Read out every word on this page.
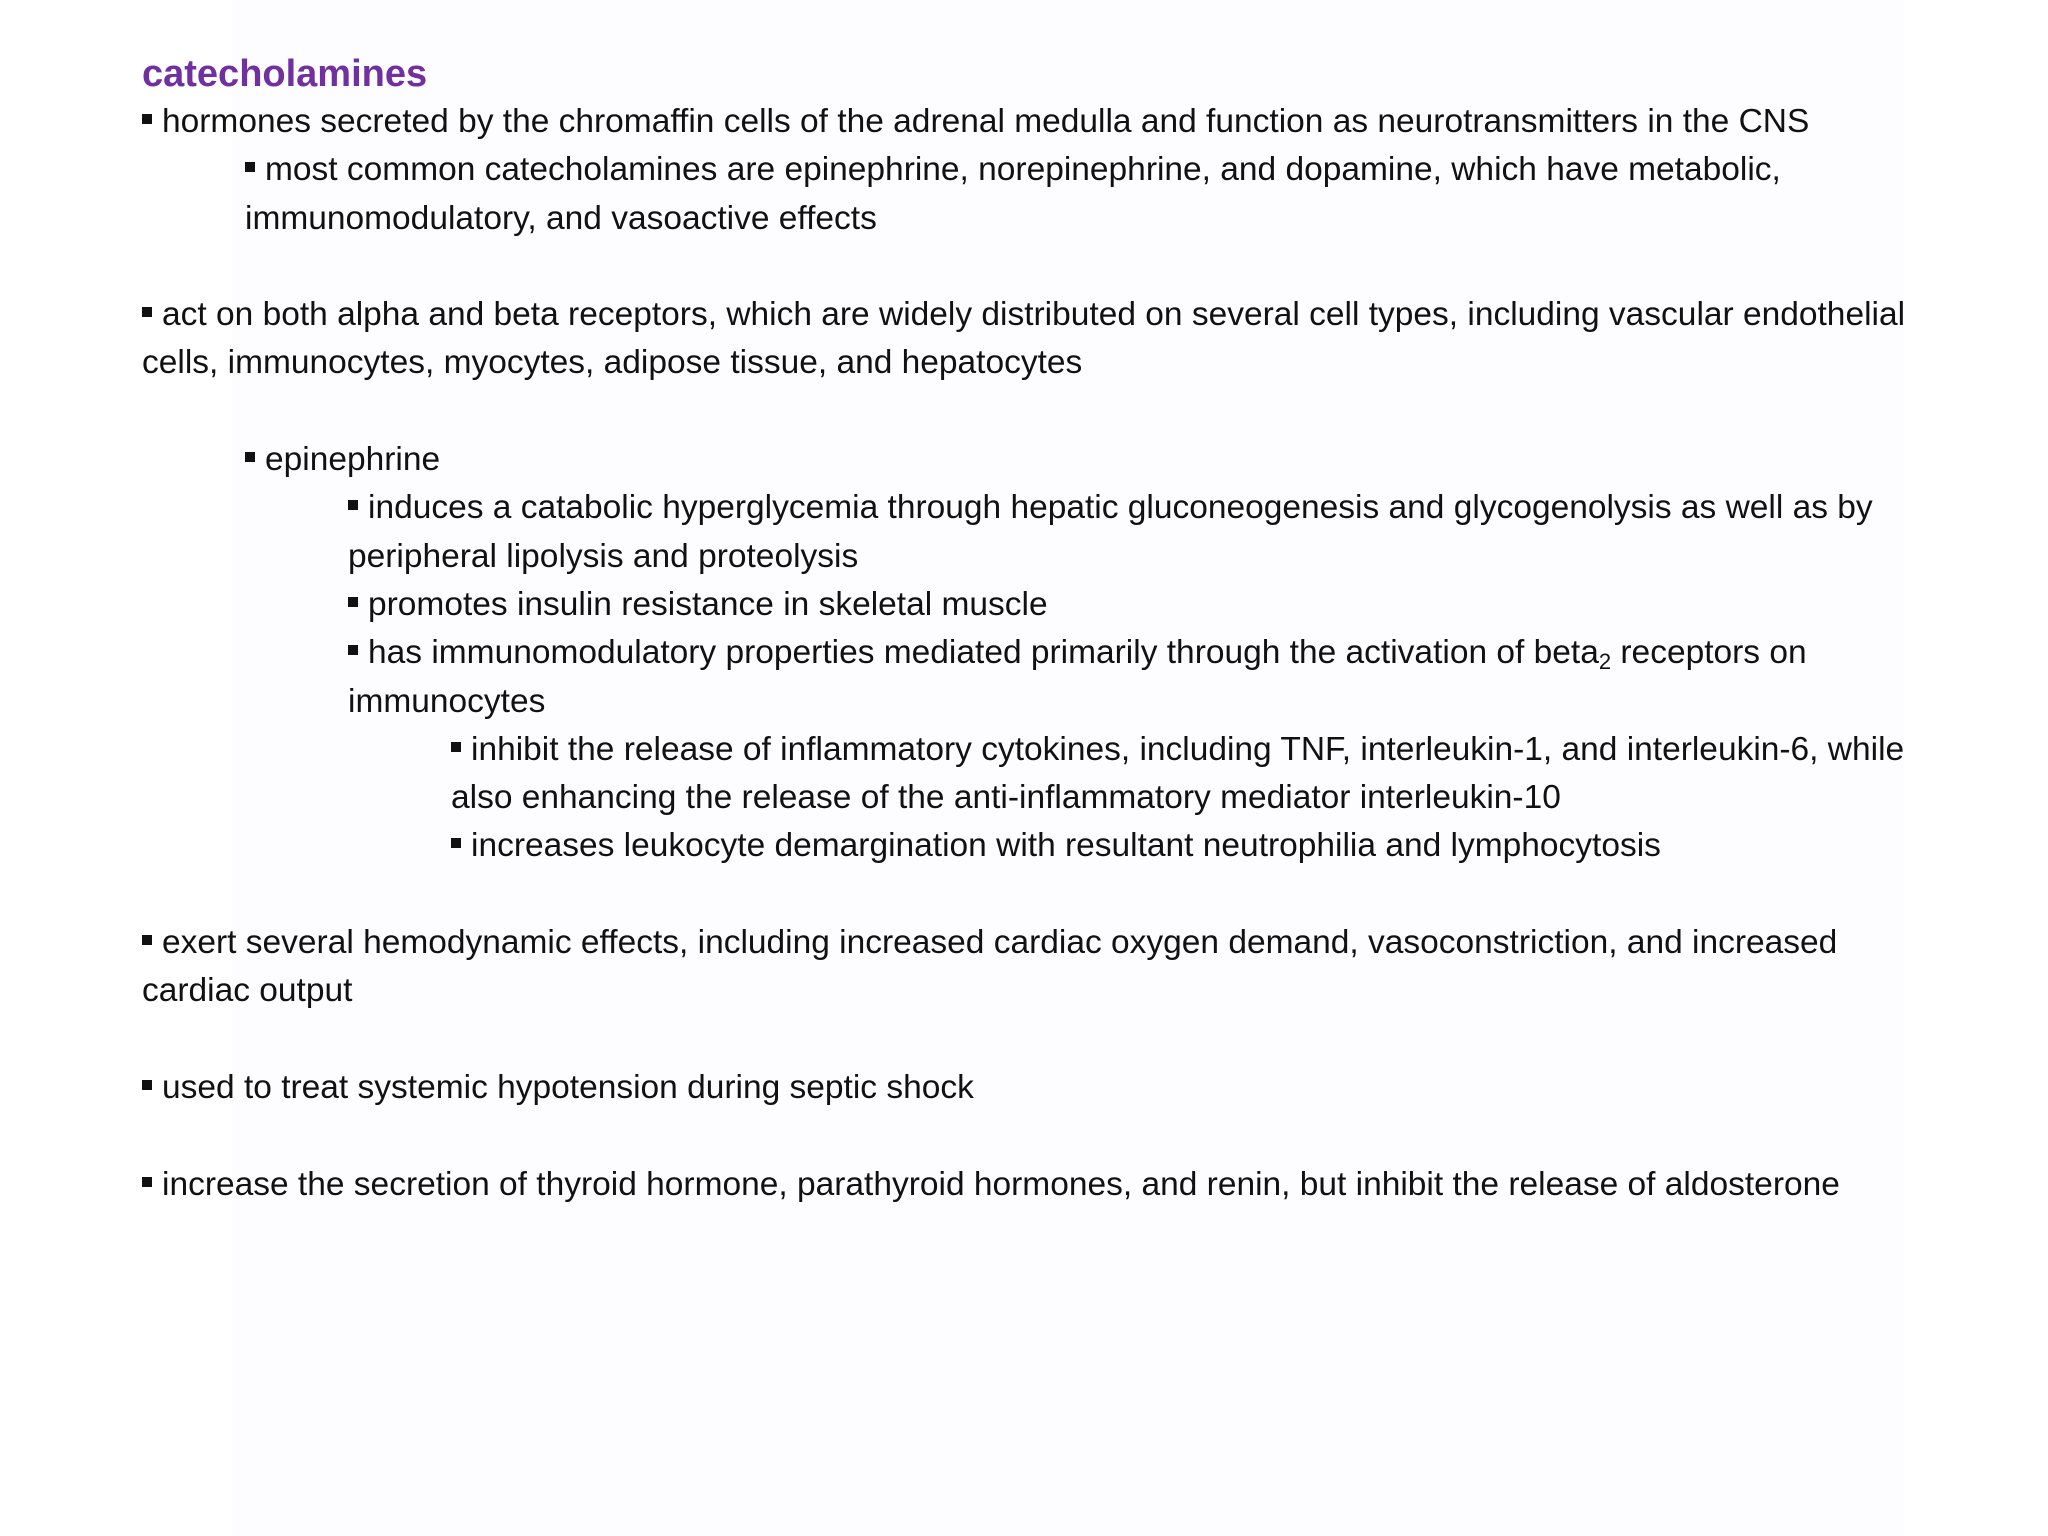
catecholamines
hormones secreted by the chromaffin cells of the adrenal medulla and function as neurotransmitters in the CNS
most common catecholamines are epinephrine, norepinephrine, and dopamine, which have metabolic, immunomodulatory, and vasoactive effects
act on both alpha and beta receptors, which are widely distributed on several cell types, including vascular endothelial cells, immunocytes, myocytes, adipose tissue, and hepatocytes
epinephrine
induces a catabolic hyperglycemia through hepatic gluconeogenesis and glycogenolysis as well as by peripheral lipolysis and proteolysis
promotes insulin resistance in skeletal muscle
has immunomodulatory properties mediated primarily through the activation of beta$_2$ receptors on immunocytes
inhibit the release of inflammatory cytokines, including TNF, interleukin-1, and interleukin-6, while also enhancing the release of the anti-inflammatory mediator interleukin-10
increases leukocyte demargination with resultant neutrophilia and lymphocytosis
exert several hemodynamic effects, including increased cardiac oxygen demand, vasoconstriction, and increased cardiac output
used to treat systemic hypotension during septic shock
increase the secretion of thyroid hormone, parathyroid hormones, and renin, but inhibit the release of aldosterone
